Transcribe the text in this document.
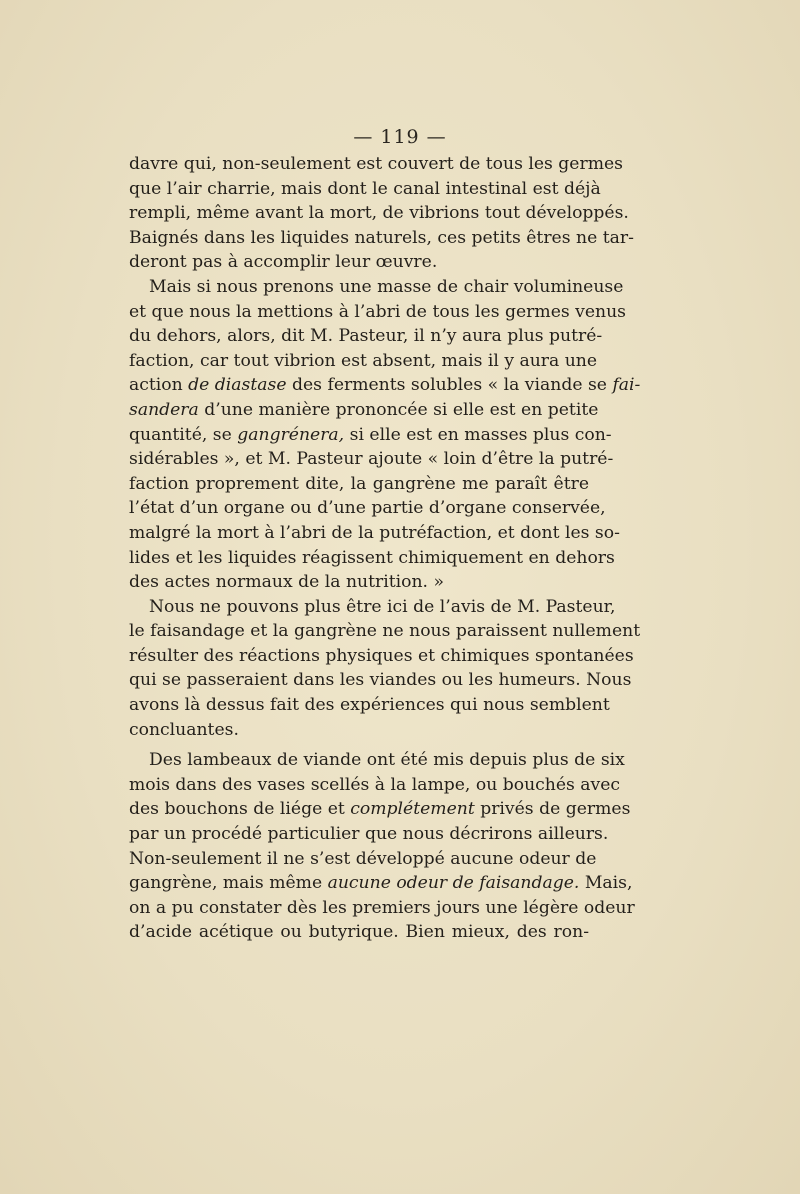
— 119 —
davre qui, non-seulement est couvert de tous les germes
que l’air charrie, mais dont le canal intestinal est déjà
rempli, même avant la mort, de vibrions tout développés.
Baignés dans les liquides naturels, ces petits êtres ne tar-
deront pas à accomplir leur œuvre.
Mais si nous prenons une masse de chair volumineuse
et que nous la mettions à l’abri de tous les germes venus
du dehors, alors, dit M. Pasteur, il n’y aura plus putré-
faction, car tout vibrion est absent, mais il y aura une
action de diastase des ferments solubles « la viande se fai-
sandera d’une manière prononcée si elle est en petite
quantité, se gangrénera, si elle est en masses plus con-
sidérables », et M. Pasteur ajoute « loin d’être la putré-
faction proprement dite, la gangrène me paraît être
l’état d’un organe ou d’une partie d’organe conservée,
malgré la mort à l’abri de la putréfaction, et dont les so-
lides et les liquides réagissent chimiquement en dehors
des actes normaux de la nutrition. »
Nous ne pouvons plus être ici de l’avis de M. Pasteur,
le faisandage et la gangrène ne nous paraissent nullement
résulter des réactions physiques et chimiques spontanées
qui se passeraient dans les viandes ou les humeurs. Nous
avons là dessus fait des expériences qui nous semblent
concluantes.
Des lambeaux de viande ont été mis depuis plus de six
mois dans des vases scellés à la lampe, ou bouchés avec
des bouchons de liége et complétement privés de germes
par un procédé particulier que nous décrirons ailleurs.
Non-seulement il ne s’est développé aucune odeur de
gangrène, mais même aucune odeur de faisandage. Mais,
on a pu constater dès les premiers jours une légère odeur
d’acide acétique ou butyrique. Bien mieux, des ron-
